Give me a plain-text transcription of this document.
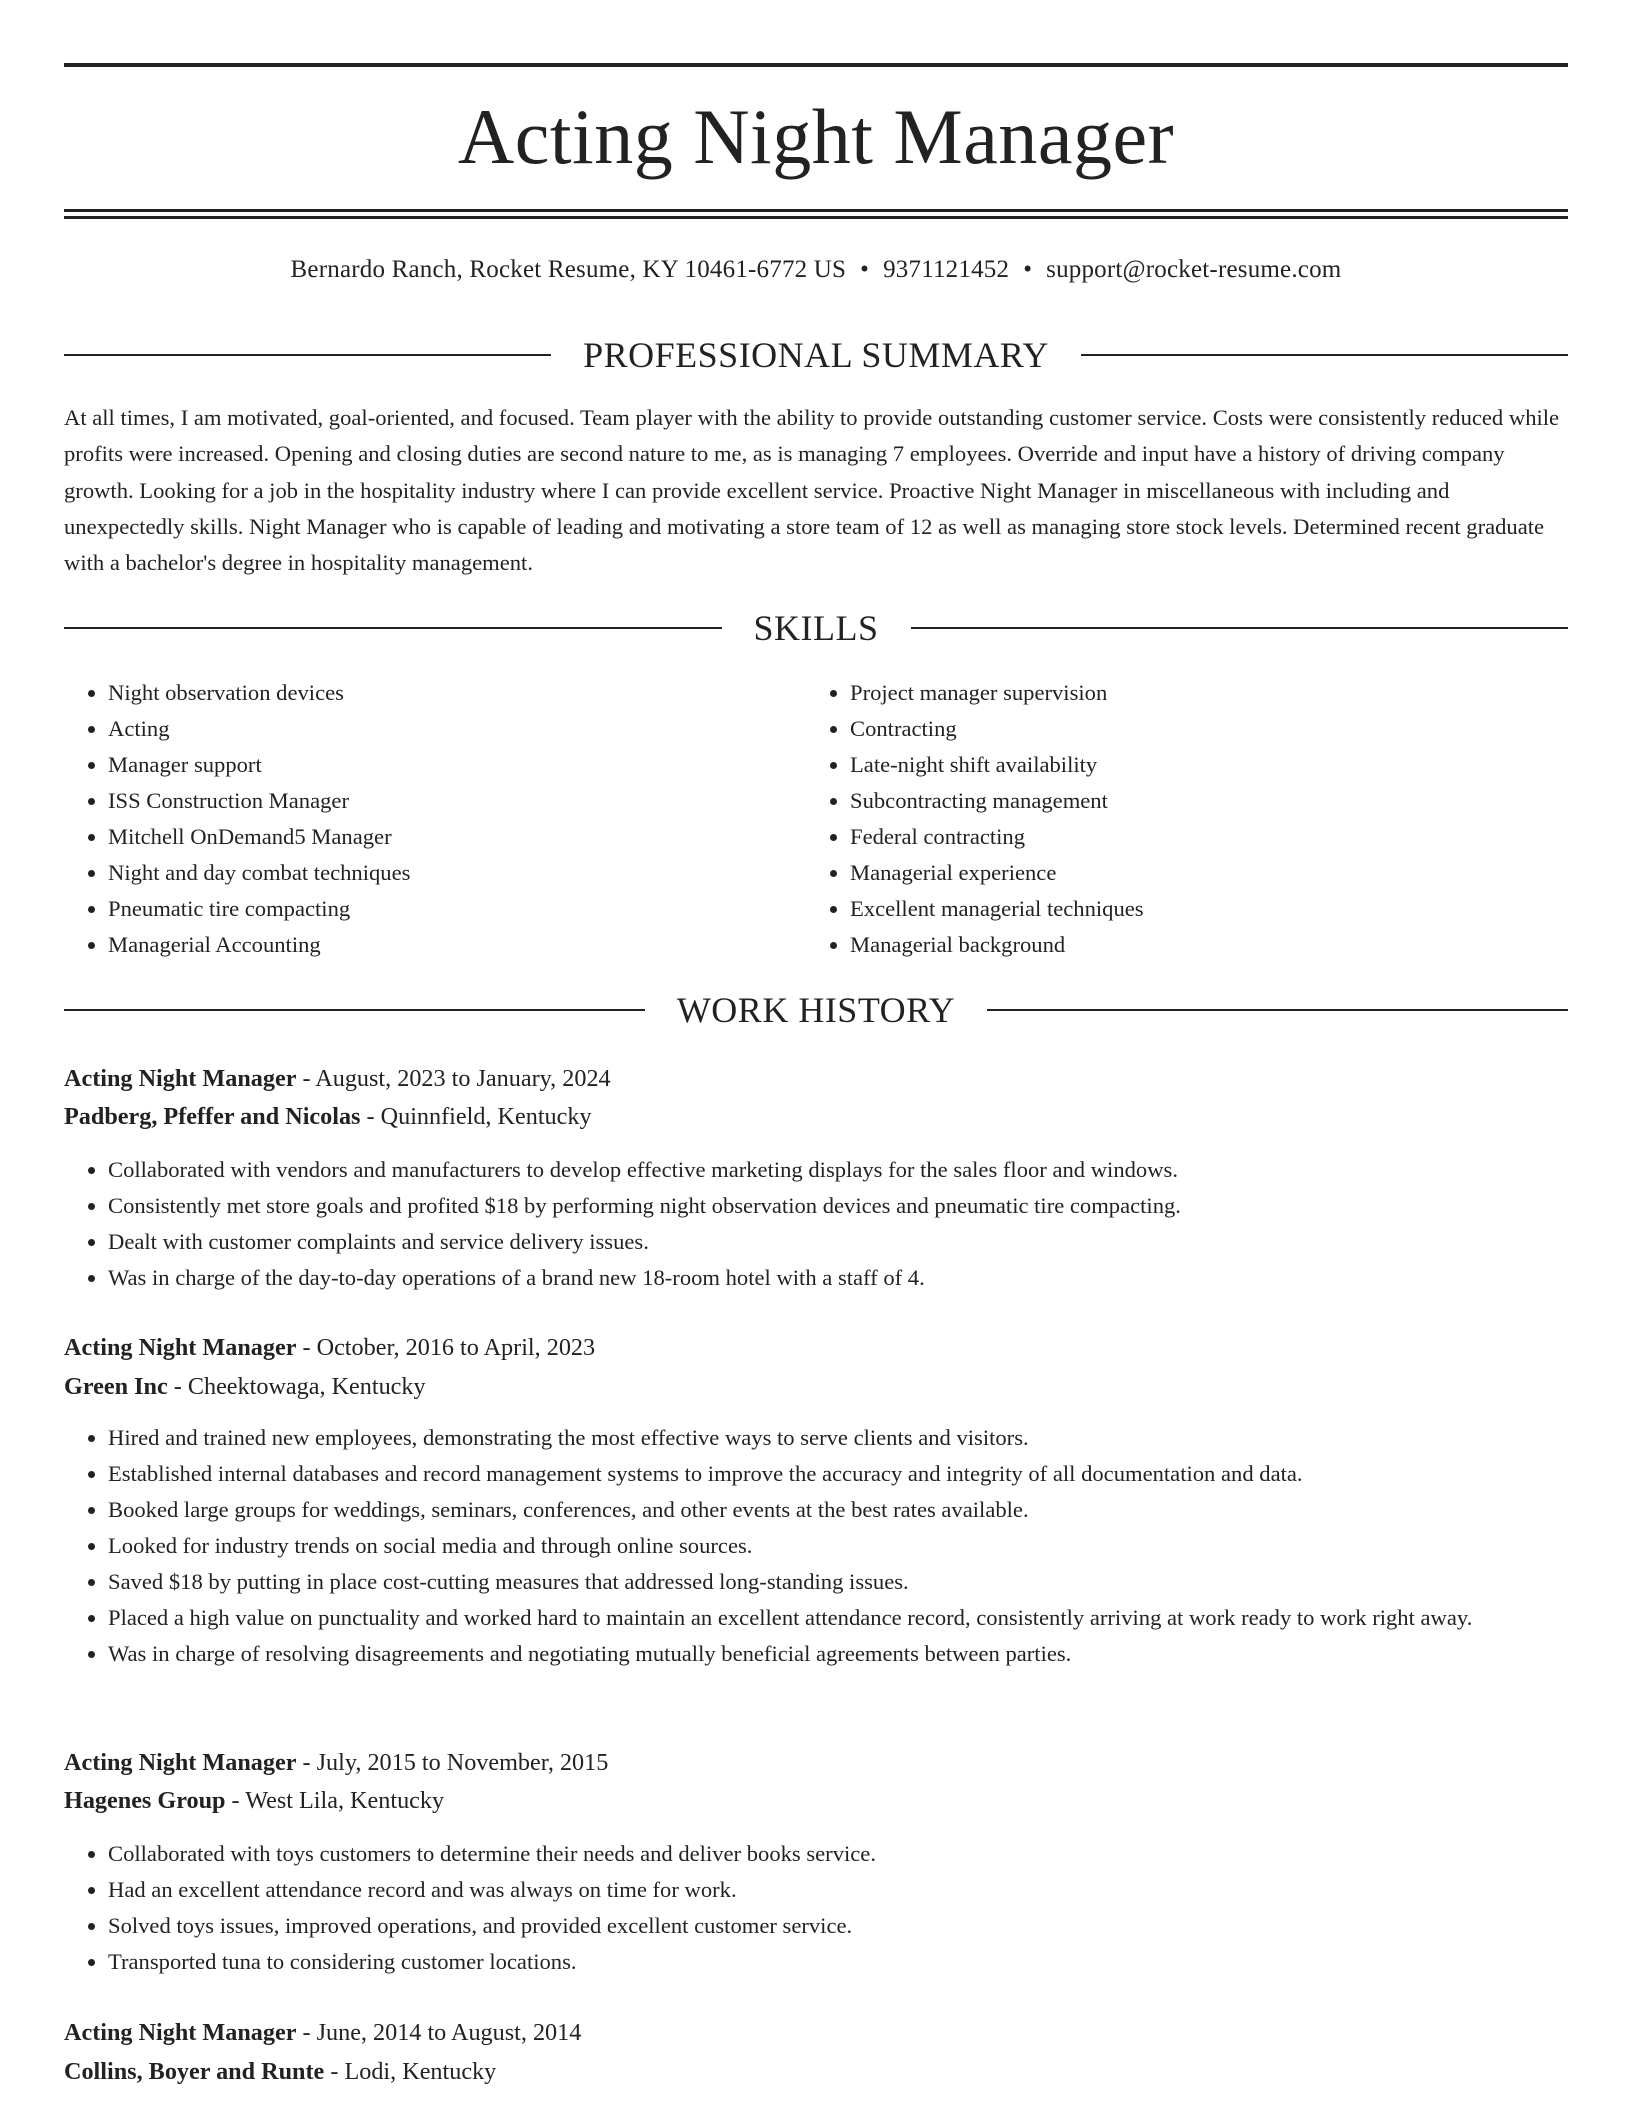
Acting Night Manager
Bernardo Ranch, Rocket Resume, KY 10461-6772 US • 9371121452 • support@rocket-resume.com
PROFESSIONAL SUMMARY

At all times, I am motivated, goal-oriented, and focused. Team player with the ability to provide outstanding customer service. Costs were consistently reduced while profits were increased. Opening and closing duties are second nature to me, as is managing 7 employees. Override and input have a history of driving company growth. Looking for a job in the hospitality industry where I can provide excellent service. Proactive Night Manager in miscellaneous with including and unexpectedly skills. Night Manager who is capable of leading and motivating a store team of 12 as well as managing store stock levels. Determined recent graduate with a bachelor's degree in hospitality management.

SKILLS
• Night observation devices
• Acting
• Manager support
• ISS Construction Manager
• Mitchell OnDemand5 Manager
• Night and day combat techniques
• Pneumatic tire compacting
• Managerial Accounting
• Project manager supervision
• Contracting
• Late-night shift availability
• Subcontracting management
• Federal contracting
• Managerial experience
• Excellent managerial techniques
• Managerial background
WORK HISTORY
Acting Night Manager - August, 2023 to January, 2024
Padberg, Pfeffer and Nicolas - Quinnfield, Kentucky
• Collaborated with vendors and manufacturers to develop effective marketing displays for the sales floor and windows.
• Consistently met store goals and profited $18 by performing night observation devices and pneumatic tire compacting.
• Dealt with customer complaints and service delivery issues.
• Was in charge of the day-to-day operations of a brand new 18-room hotel with a staff of 4.
Acting Night Manager - October, 2016 to April, 2023
Green Inc - Cheektowaga, Kentucky
• Hired and trained new employees, demonstrating the most effective ways to serve clients and visitors.
• Established internal databases and record management systems to improve the accuracy and integrity of all documentation and data.
• Booked large groups for weddings, seminars, conferences, and other events at the best rates available.
• Looked for industry trends on social media and through online sources.
• Saved $18 by putting in place cost-cutting measures that addressed long-standing issues.
• Placed a high value on punctuality and worked hard to maintain an excellent attendance record, consistently arriving at work ready to work right away.
• Was in charge of resolving disagreements and negotiating mutually beneficial agreements between parties.
Acting Night Manager - July, 2015 to November, 2015
Hagenes Group - West Lila, Kentucky
• Collaborated with toys customers to determine their needs and deliver books service.
• Had an excellent attendance record and was always on time for work.
• Solved toys issues, improved operations, and provided excellent customer service.
• Transported tuna to considering customer locations.
Acting Night Manager - June, 2014 to August, 2014
Collins, Boyer and Runte - Lodi, Kentucky
